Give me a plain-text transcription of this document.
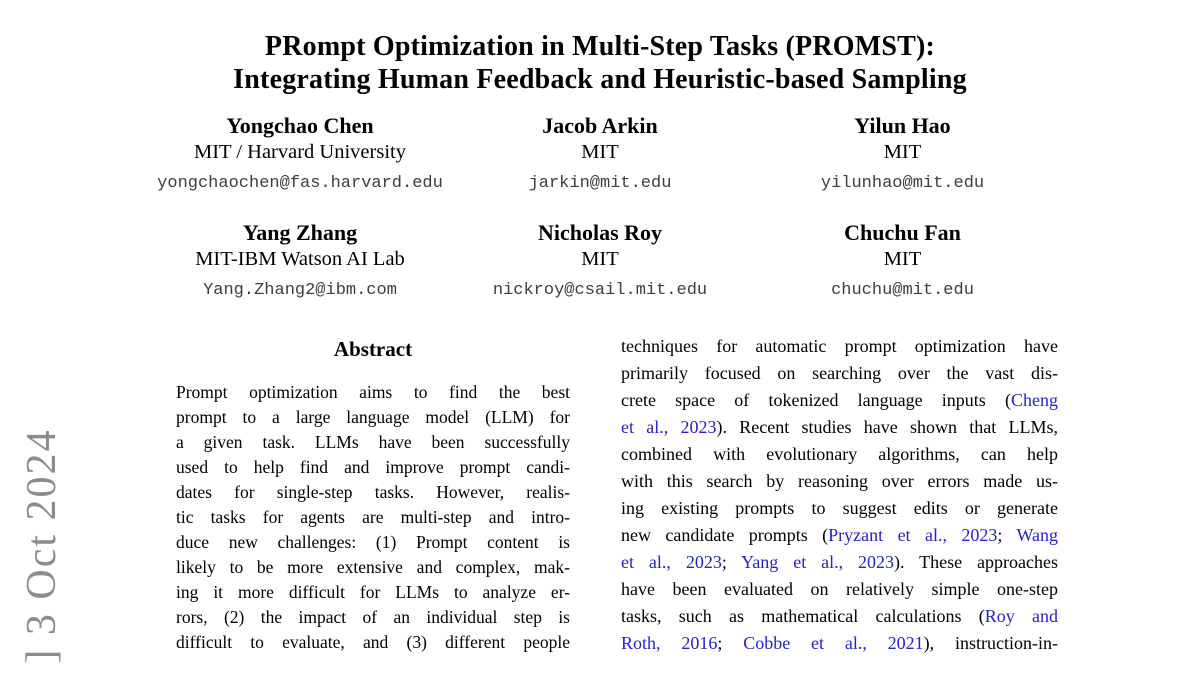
] 3 Oct 2024
PRompt Optimization in Multi-Step Tasks (PROMST):
Integrating Human Feedback and Heuristic-based Sampling
Yongchao Chen
MIT / Harvard University
yongchaochen@fas.harvard.edu
Jacob Arkin
MIT
jarkin@mit.edu
Yilun Hao
MIT
yilunhao@mit.edu
Yang Zhang
MIT-IBM Watson AI Lab
Yang.Zhang2@ibm.com
Nicholas Roy
MIT
nickroy@csail.mit.edu
Chuchu Fan
MIT
chuchu@mit.edu
Abstract
Prompt optimization aims to find the best
prompt to a large language model (LLM) for
a given task. LLMs have been successfully
used to help find and improve prompt candi-
dates for single-step tasks. However, realis-
tic tasks for agents are multi-step and intro-
duce new challenges: (1) Prompt content is
likely to be more extensive and complex, mak-
ing it more difficult for LLMs to analyze er-
rors, (2) the impact of an individual step is
difficult to evaluate, and (3) different people
techniques for automatic prompt optimization have
primarily focused on searching over the vast dis-
crete space of tokenized language inputs (Cheng
et al., 2023). Recent studies have shown that LLMs,
combined with evolutionary algorithms, can help
with this search by reasoning over errors made us-
ing existing prompts to suggest edits or generate
new candidate prompts (Pryzant et al., 2023; Wang
et al., 2023; Yang et al., 2023). These approaches
have been evaluated on relatively simple one-step
tasks, such as mathematical calculations (Roy and
Roth, 2016; Cobbe et al., 2021), instruction-in-
